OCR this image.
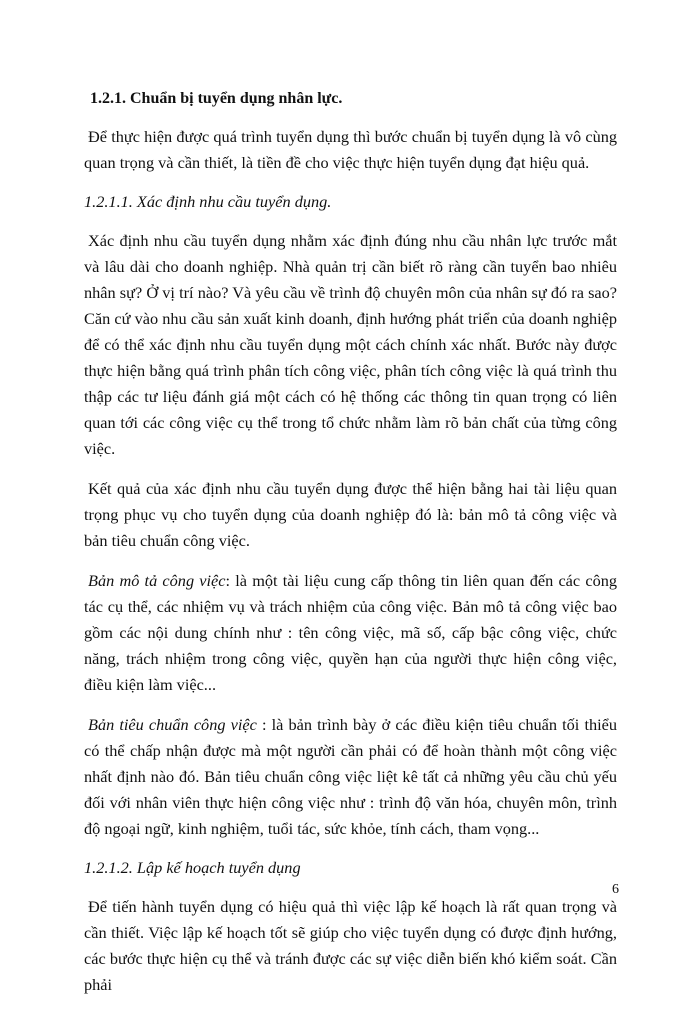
1.2.1. Chuẩn bị tuyển dụng nhân lực.

Để thực hiện được quá trình tuyển dụng thì bước chuẩn bị tuyển dụng là vô cùng quan trọng và cần thiết, là tiền đề cho việc thực hiện tuyển dụng đạt hiệu quả.

1.2.1.1. Xác định nhu cầu tuyển dụng.

Xác định nhu cầu tuyển dụng nhằm xác định đúng nhu cầu nhân lực trước mắt và lâu dài cho doanh nghiệp. Nhà quản trị cần biết rõ ràng cần tuyển bao nhiêu nhân sự? Ở vị trí nào? Và yêu cầu về trình độ chuyên môn của nhân sự đó ra sao? Căn cứ vào nhu cầu sản xuất kinh doanh, định hướng phát triển của doanh nghiệp để có thể xác định nhu cầu tuyển dụng một cách chính xác nhất. Bước này được thực hiện bằng quá trình phân tích công việc, phân tích công việc là quá trình thu thập các tư liệu đánh giá một cách có hệ thống các thông tin quan trọng có liên quan tới các công việc cụ thể trong tổ chức nhằm làm rõ bản chất của từng công việc.

Kết quả của xác định nhu cầu tuyển dụng được thể hiện bằng hai tài liệu quan trọng phục vụ cho tuyển dụng của doanh nghiệp đó là: bản mô tả công việc và bản tiêu chuẩn công việc.

Bản mô tả công việc: là một tài liệu cung cấp thông tin liên quan đến các công tác cụ thể, các nhiệm vụ và trách nhiệm của công việc. Bản mô tả công việc bao gồm các nội dung chính như : tên công việc, mã số, cấp bậc công việc, chức năng, trách nhiệm trong công việc, quyền hạn của người thực hiện công việc, điều kiện làm việc...

Bản tiêu chuẩn công việc : là bản trình bày ở các điều kiện tiêu chuẩn tối thiểu có thể chấp nhận được mà một người cần phải có để hoàn thành một công việc nhất định nào đó. Bản tiêu chuẩn công việc liệt kê tất cả những yêu cầu chủ yếu đối với nhân viên thực hiện công việc như : trình độ văn hóa, chuyên môn, trình độ ngoại ngữ, kinh nghiệm, tuổi tác, sức khỏe, tính cách, tham vọng...

1.2.1.2. Lập kế hoạch tuyển dụng

Để tiến hành tuyển dụng có hiệu quả thì việc lập kế hoạch là rất quan trọng và cần thiết. Việc lập kế hoạch tốt sẽ giúp cho việc tuyển dụng có được định hướng, các bước thực hiện cụ thể và tránh được các sự việc diễn biến khó kiểm soát. Cần phải

6
